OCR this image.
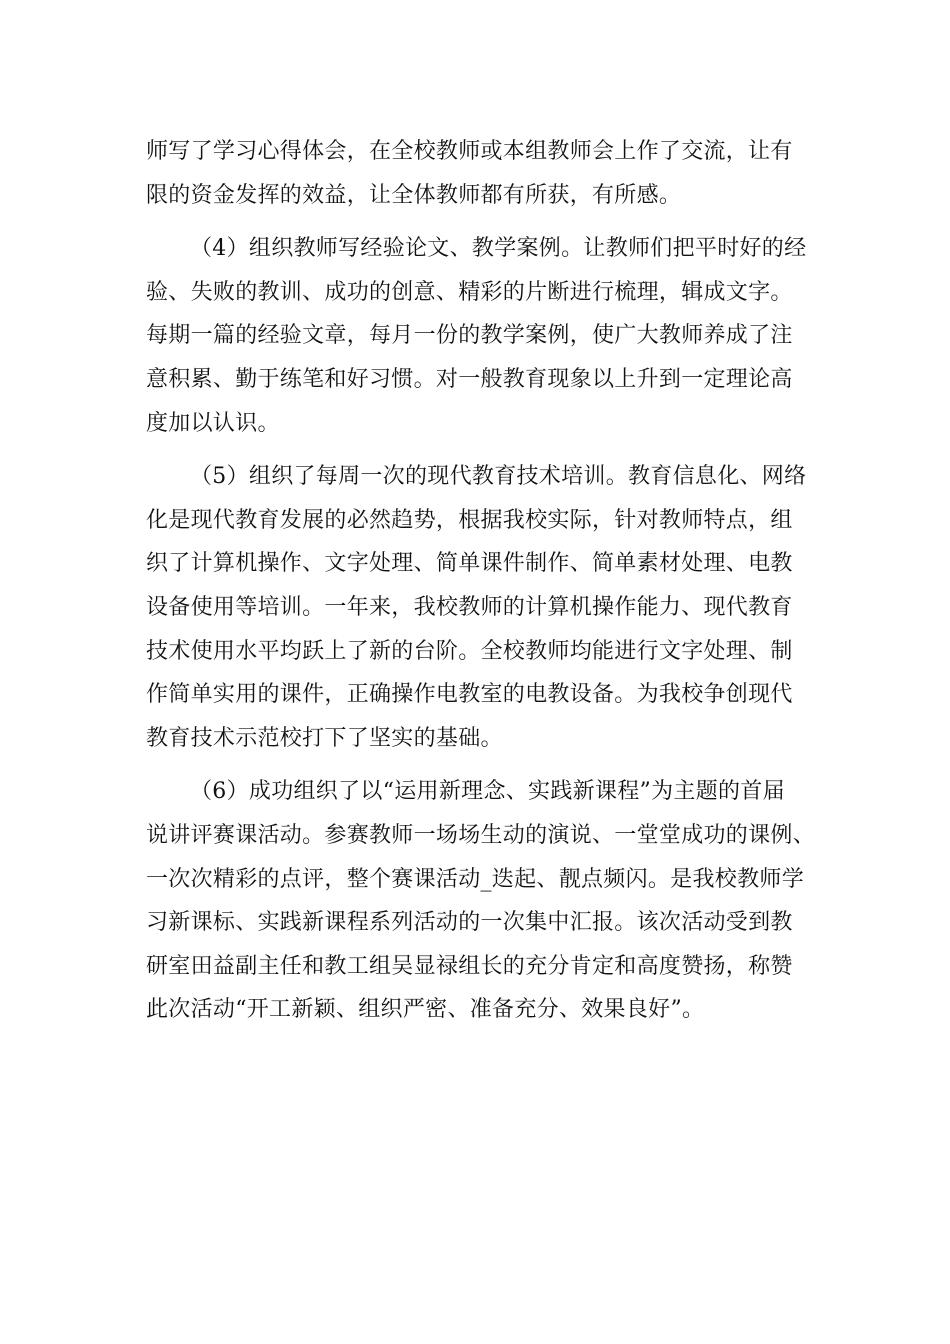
师写了学习心得体会，在全校教师或本组教师会上作了交流，让有
限的资金发挥的效益，让全体教师都有所获，有所感。
（4）组织教师写经验论文、教学案例。让教师们把平时好的经
验、失败的教训、成功的创意、精彩的片断进行梳理，辑成文字。
每期一篇的经验文章，每月一份的教学案例，使广大教师养成了注
意积累、勤于练笔和好习惯。对一般教育现象以上升到一定理论高
度加以认识。
（5）组织了每周一次的现代教育技术培训。教育信息化、网络
化是现代教育发展的必然趋势，根据我校实际，针对教师特点，组
织了计算机操作、文字处理、简单课件制作、简单素材处理、电教
设备使用等培训。一年来，我校教师的计算机操作能力、现代教育
技术使用水平均跃上了新的台阶。全校教师均能进行文字处理、制
作简单实用的课件，正确操作电教室的电教设备。为我校争创现代
教育技术示范校打下了坚实的基础。
（6）成功组织了以“运用新理念、实践新课程”为主题的首届
说讲评赛课活动。参赛教师一场场生动的演说、一堂堂成功的课例、
一次次精彩的点评，整个赛课活动_迭起、靓点频闪。是我校教师学
习新课标、实践新课程系列活动的一次集中汇报。该次活动受到教
研室田益副主任和教工组吴显禄组长的充分肯定和高度赞扬，称赞
此次活动“开工新颖、组织严密、准备充分、效果良好”。
